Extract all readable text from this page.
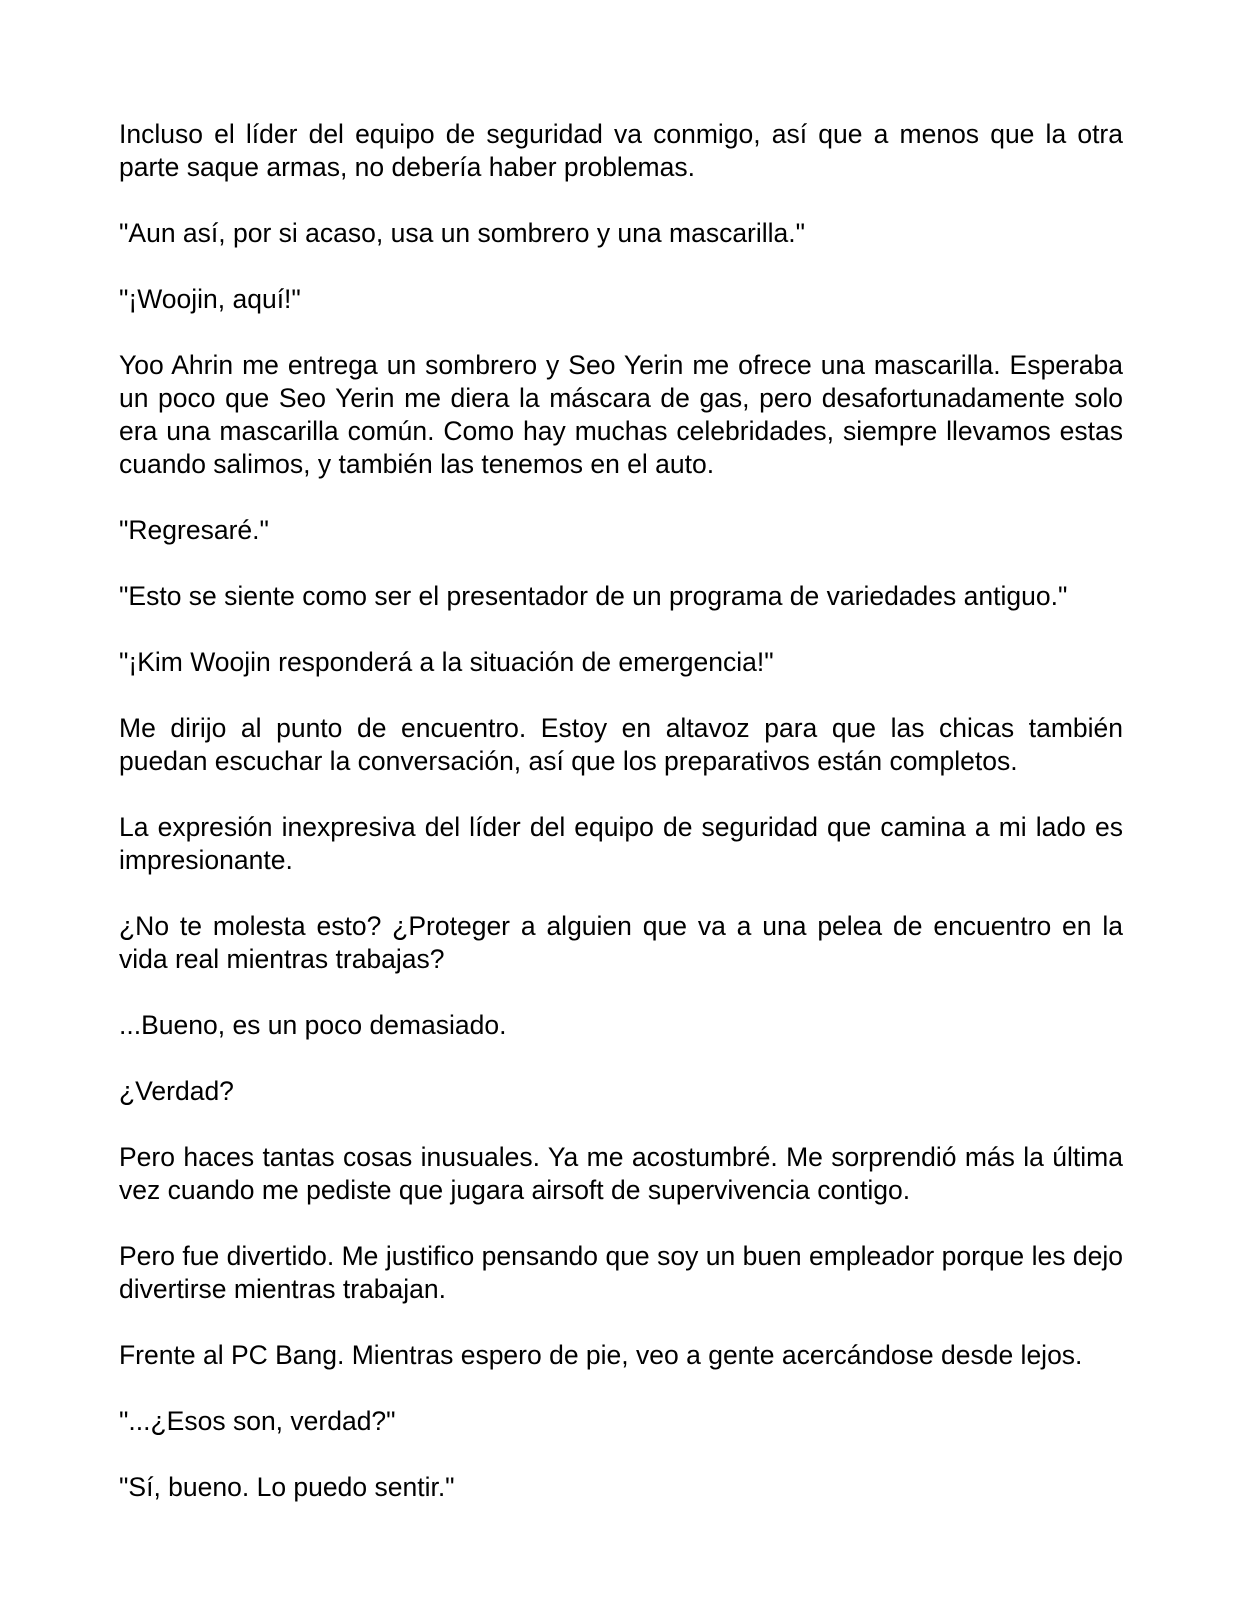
Incluso el líder del equipo de seguridad va conmigo, así que a menos que la otra parte saque armas, no debería haber problemas.

"Aun así, por si acaso, usa un sombrero y una mascarilla."

"¡Woojin, aquí!"

Yoo Ahrin me entrega un sombrero y Seo Yerin me ofrece una mascarilla. Esperaba un poco que Seo Yerin me diera la máscara de gas, pero desafortunadamente solo era una mascarilla común. Como hay muchas celebridades, siempre llevamos estas cuando salimos, y también las tenemos en el auto.

"Regresaré."

"Esto se siente como ser el presentador de un programa de variedades antiguo."

"¡Kim Woojin responderá a la situación de emergencia!"

Me dirijo al punto de encuentro. Estoy en altavoz para que las chicas también puedan escuchar la conversación, así que los preparativos están completos.

La expresión inexpresiva del líder del equipo de seguridad que camina a mi lado es impresionante.

¿No te molesta esto? ¿Proteger a alguien que va a una pelea de encuentro en la vida real mientras trabajas?

...Bueno, es un poco demasiado.

¿Verdad?

Pero haces tantas cosas inusuales. Ya me acostumbré. Me sorprendió más la última vez cuando me pediste que jugara airsoft de supervivencia contigo.

Pero fue divertido. Me justifico pensando que soy un buen empleador porque les dejo divertirse mientras trabajan.

Frente al PC Bang. Mientras espero de pie, veo a gente acercándose desde lejos.

"...¿Esos son, verdad?"

"Sí, bueno. Lo puedo sentir."
